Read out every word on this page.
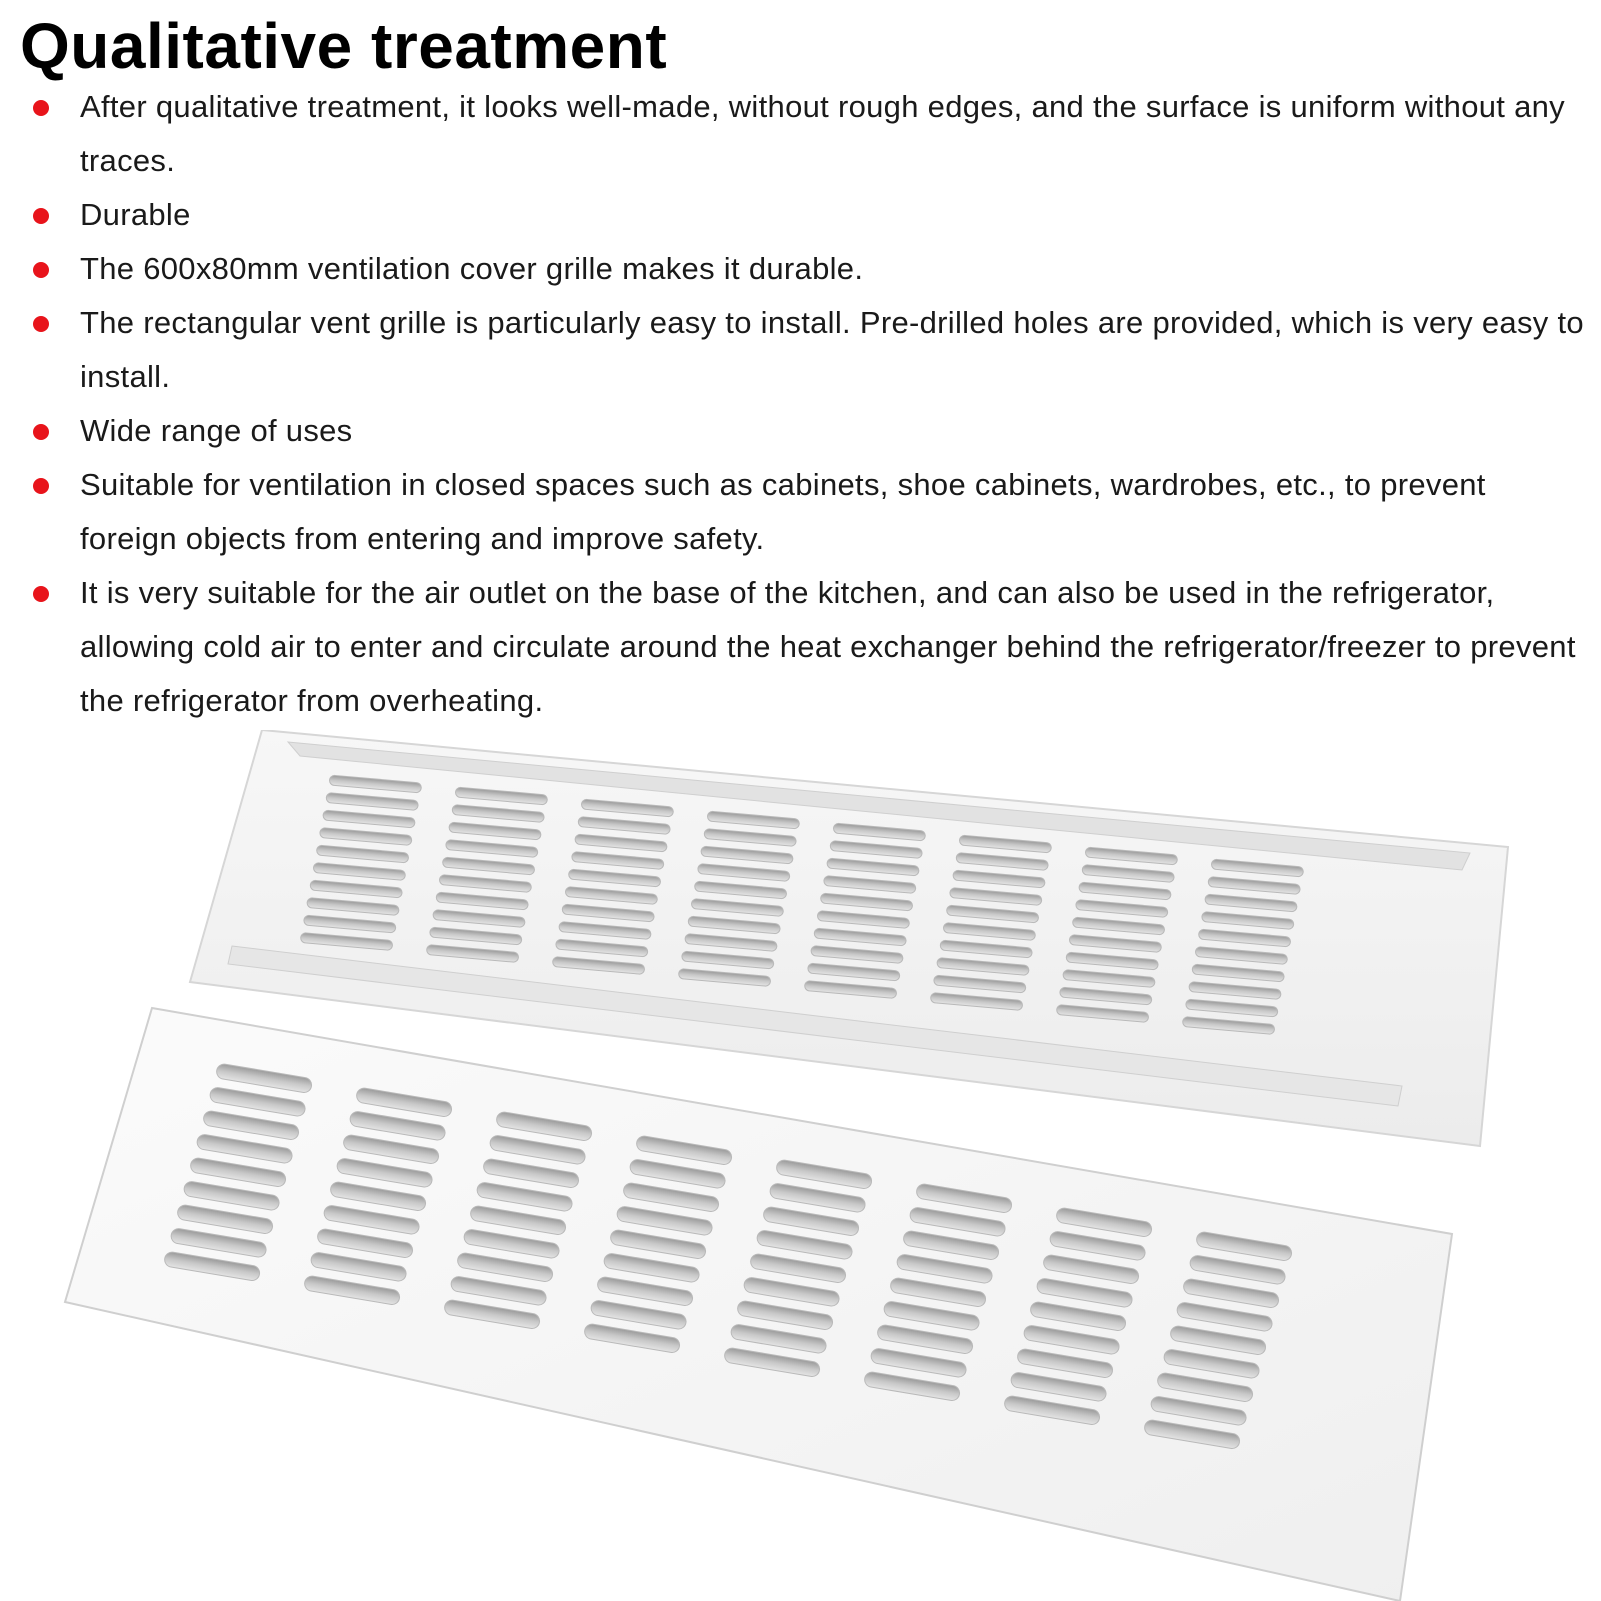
Qualitative treatment
After qualitative treatment, it looks well-made, without rough edges, and the surface is uniform without any traces.
Durable
The 600x80mm ventilation cover grille makes it durable.
The rectangular vent grille is particularly easy to install. Pre-drilled holes are provided, which is very easy to install.
Wide range of uses
Suitable for ventilation in closed spaces such as cabinets, shoe cabinets, wardrobes, etc., to prevent foreign objects from entering and improve safety.
It is very suitable for the air outlet on the base of the kitchen, and can also be used in the refrigerator, allowing cold air to enter and circulate around the heat exchanger behind the refrigerator/freezer to prevent the refrigerator from overheating.
